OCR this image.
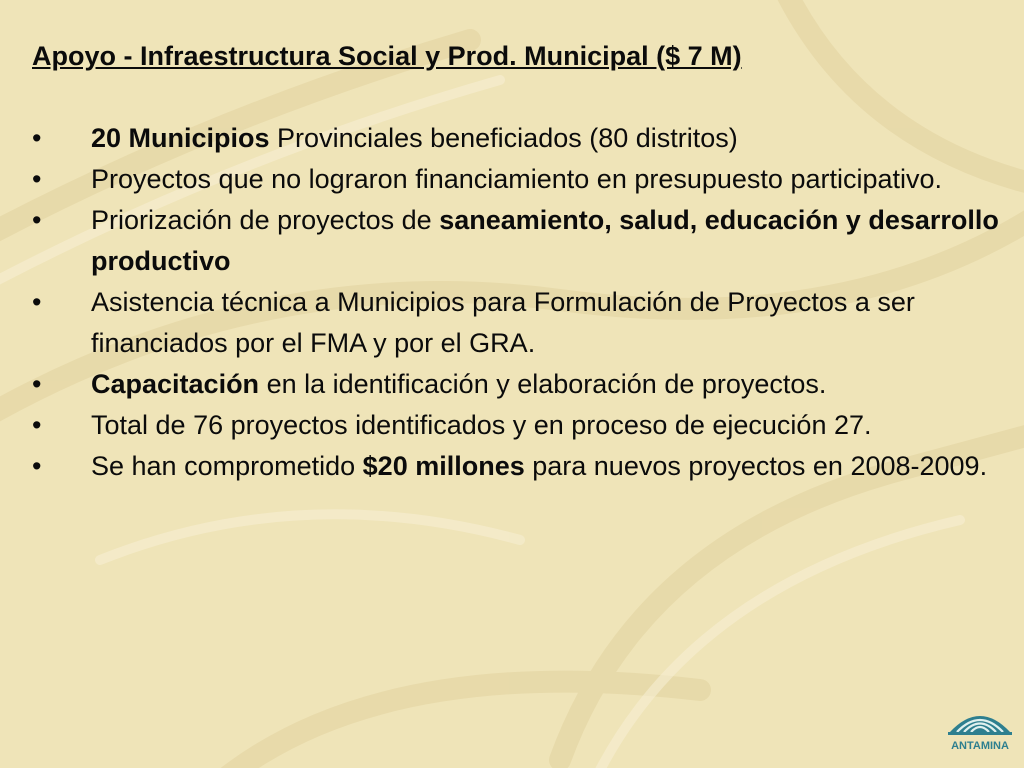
Apoyo - Infraestructura Social y Prod. Municipal ($ 7 M)
• 20 Municipios Provinciales beneficiados (80 distritos)
• Proyectos que no lograron financiamiento en presupuesto participativo.
• Priorización de proyectos de saneamiento, salud, educación y desarrollo productivo
• Asistencia técnica a Municipios para Formulación de Proyectos a ser financiados por el FMA y por el GRA.
• Capacitación en la identificación y elaboración de proyectos.
• Total de 76 proyectos identificados y en proceso de ejecución 27.
• Se han comprometido $20 millones para nuevos proyectos en 2008-2009.
ANTAMINA
